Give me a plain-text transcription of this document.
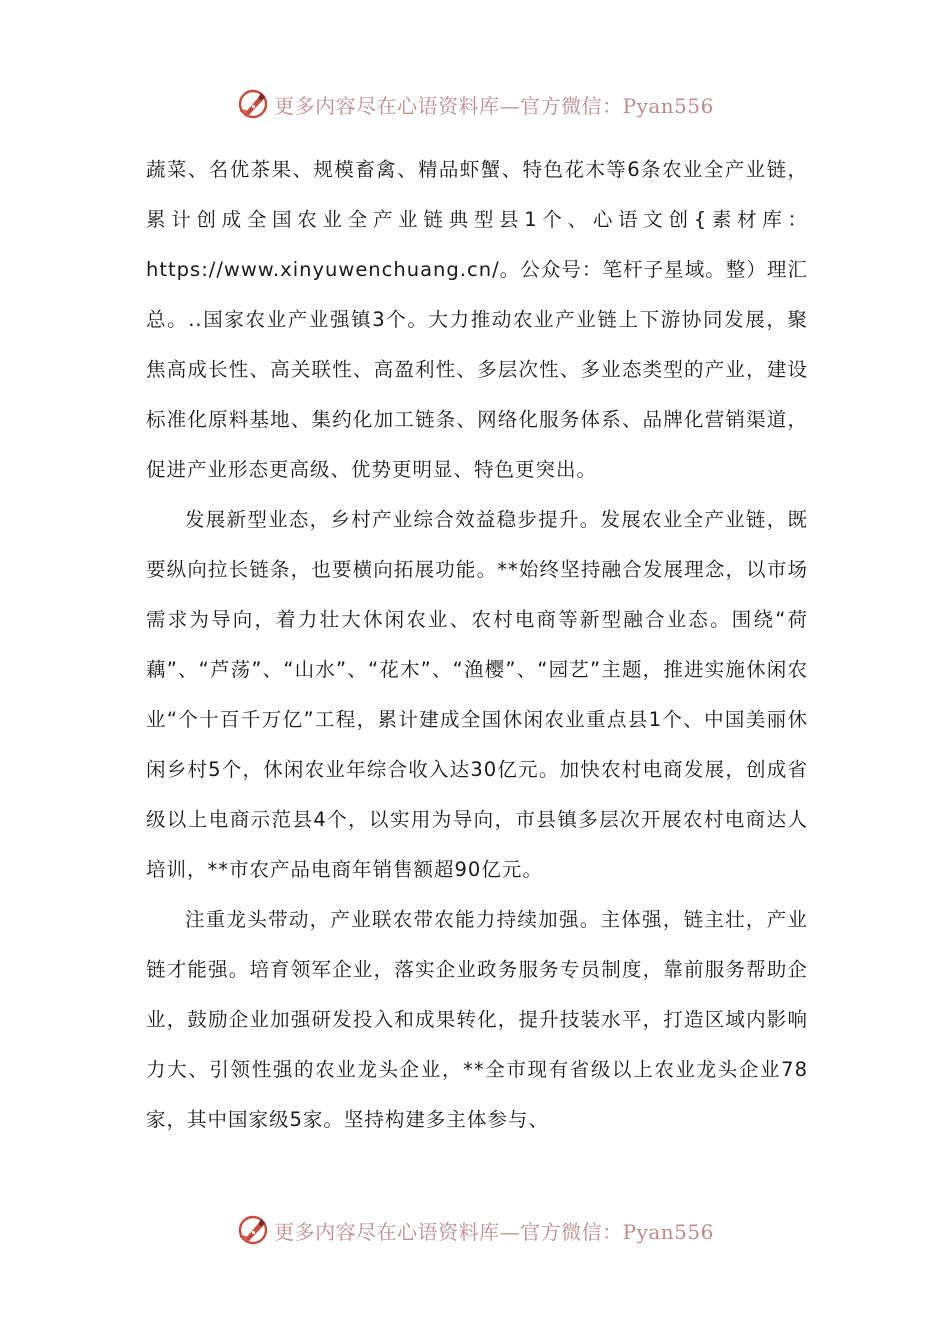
更多内容尽在心语资料库—官方微信：Pyan556

蔬菜、名优茶果、规模畜禽、精品虾蟹、特色花木等6条农业全产业链，累计创成全国农业全产业链典型县1个、心语文创{素材库：https://www.xinyuwenchuang.cn/。公众号：笔杆子星域。整）理汇总。..国家农业产业强镇3个。大力推动农业产业链上下游协同发展，聚焦高成长性、高关联性、高盈利性、多层次性、多业态类型的产业，建设标准化原料基地、集约化加工链条、网络化服务体系、品牌化营销渠道，促进产业形态更高级、优势更明显、特色更突出。

发展新型业态，乡村产业综合效益稳步提升。发展农业全产业链，既要纵向拉长链条，也要横向拓展功能。**始终坚持融合发展理念，以市场需求为导向，着力壮大休闲农业、农村电商等新型融合业态。围绕“荷藕”、“芦荡”、“山水”、“花木”、“渔樱”、“园艺”主题，推进实施休闲农业“个十百千万亿”工程，累计建成全国休闲农业重点县1个、中国美丽休闲乡村5个，休闲农业年综合收入达30亿元。加快农村电商发展，创成省级以上电商示范县4个，以实用为导向，市县镇多层次开展农村电商达人培训，**市农产品电商年销售额超90亿元。

注重龙头带动，产业联农带农能力持续加强。主体强，链主壮，产业链才能强。培育领军企业，落实企业政务服务专员制度，靠前服务帮助企业，鼓励企业加强研发投入和成果转化，提升技装水平，打造区域内影响力大、引领性强的农业龙头企业，**全市现有省级以上农业龙头企业78家，其中国家级5家。坚持构建多主体参与、

更多内容尽在心语资料库—官方微信：Pyan556
